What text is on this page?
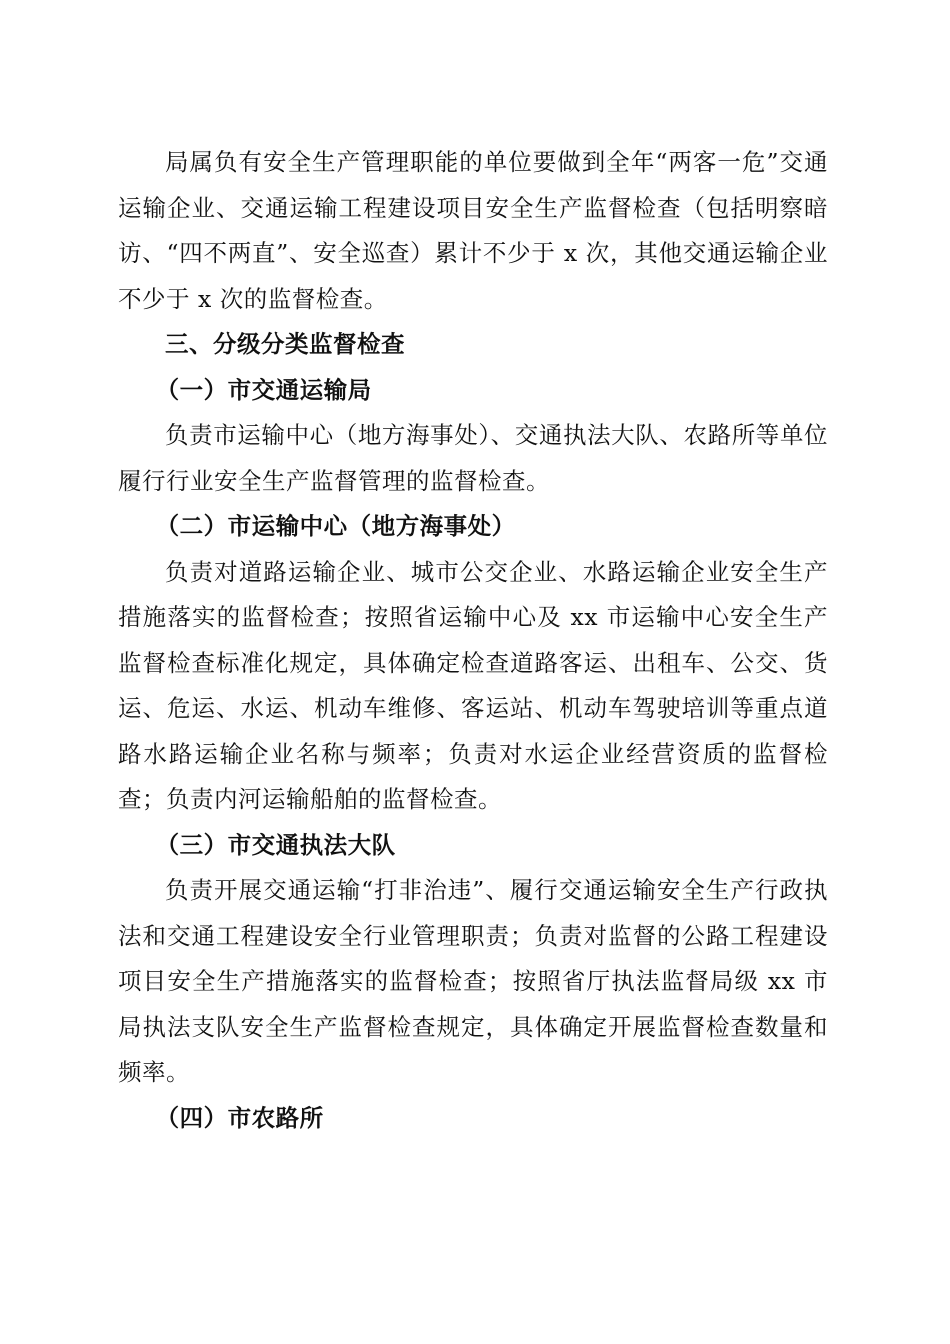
局属负有安全生产管理职能的单位要做到全年“两客一危”交通运输企业、交通运输工程建设项目安全生产监督检查（包括明察暗访、“四不两直”、安全巡查）累计不少于 x 次，其他交通运输企业不少于 x 次的监督检查。

三、分级分类监督检查

（一）市交通运输局

负责市运输中心（地方海事处）、交通执法大队、农路所等单位履行行业安全生产监督管理的监督检查。

（二）市运输中心（地方海事处）

负责对道路运输企业、城市公交企业、水路运输企业安全生产措施落实的监督检查；按照省运输中心及 xx 市运输中心安全生产监督检查标准化规定，具体确定检查道路客运、出租车、公交、货运、危运、水运、机动车维修、客运站、机动车驾驶培训等重点道路水路运输企业名称与频率；负责对水运企业经营资质的监督检查；负责内河运输船舶的监督检查。

（三）市交通执法大队

负责开展交通运输“打非治违”、履行交通运输安全生产行政执法和交通工程建设安全行业管理职责；负责对监督的公路工程建设项目安全生产措施落实的监督检查；按照省厅执法监督局级 xx 市局执法支队安全生产监督检查规定，具体确定开展监督检查数量和频率。

（四）市农路所
